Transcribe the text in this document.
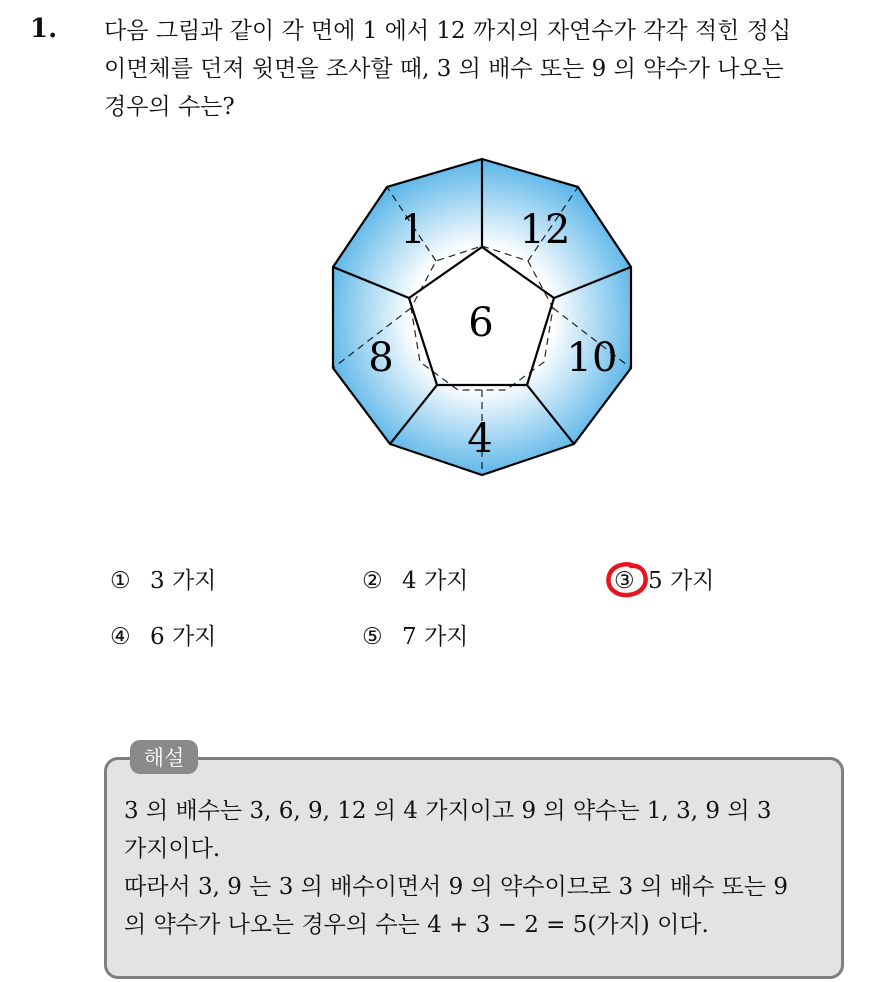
1. 다음 그림과 같이 각 면에 1 에서 12 까지의 자연수가 각각 적힌 정십
이면체를 던져 윗면을 조사할 때, 3 의 배수 또는 9 의 약수가 나오는
경우의 수는?
6
1 12
10
4
8
① 3 가지	② 4 가지	③ 5 가지
④ 6 가지	⑤ 7 가지
해설
3 의 배수는 3, 6, 9, 12 의 4 가지이고 9 의 약수는 1, 3, 9 의 3
가지이다.
따라서 3, 9 는 3 의 배수이면서 9 의 약수이므로 3 의 배수 또는 9
의 약수가 나오는 경우의 수는 4 + 3 − 2 = 5(가지) 이다.
